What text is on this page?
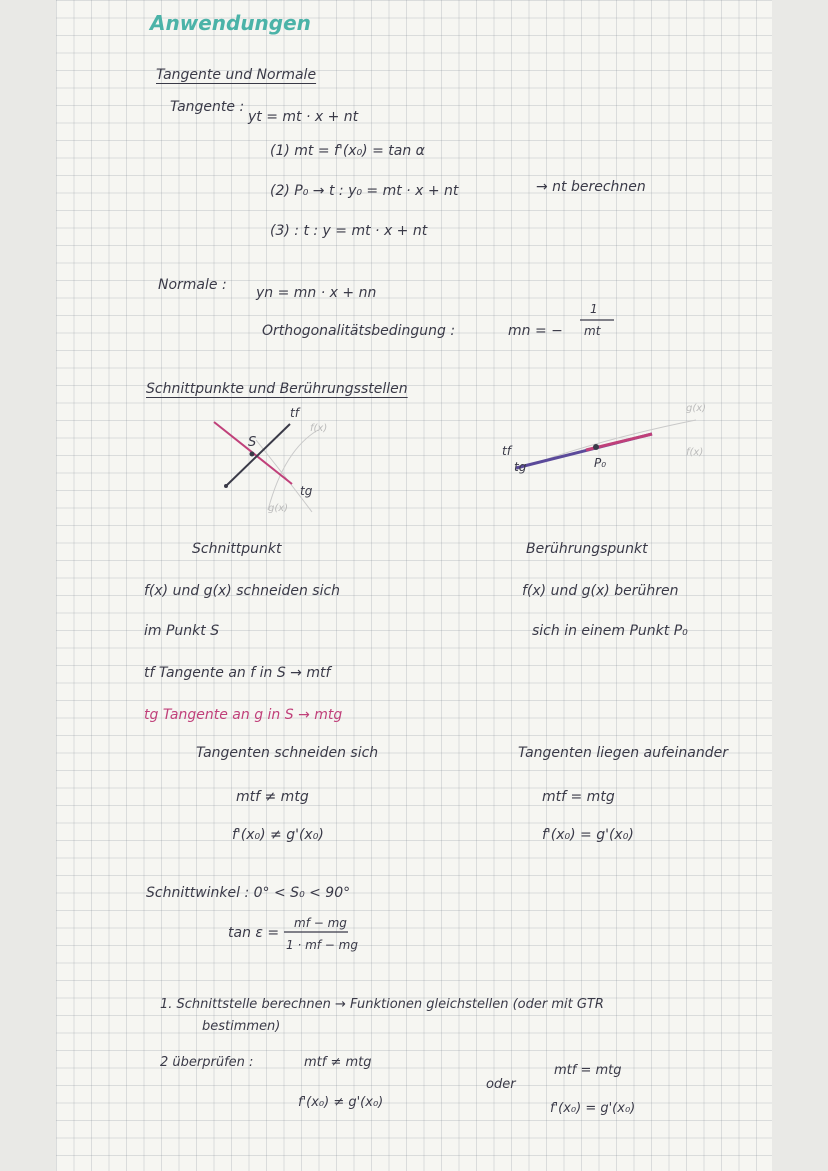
Anwendungen
Tangente und Normale
Tangente :
yt = mt · x + nt
(1) mt = f'(x₀) = tan α
(2) P₀ → t : y₀ = mt · x + nt	→ nt berechnen
(3) : t : y = mt · x + nt
Normale : yn = mn · x + nn
Orthogonalitätsbedingung :	mn = −
1
mt
Schnittpunkte und Berührungsstellen
tf
f(x)
S
tg
g(x)
g(x)
f(x)
tf
tg	P₀
Schnittpunkt
f(x) und g(x) schneiden sich
im Punkt S
tf Tangente an f in S → mtf
tg Tangente an g in S → mtg
Tangenten schneiden sich
mtf ≠ mtg
f'(x₀) ≠ g'(x₀)
Berührungspunkt
f(x) und g(x) berühren
sich in einem Punkt P₀
Tangenten liegen aufeinander
mtf = mtg
f'(x₀) = g'(x₀)
Schnittwinkel : 0° < S₀ < 90°
tan ε =
mf − mg
1 · mf − mg
1. Schnittstelle berechnen → Funktionen gleichstellen (oder mit GTR
bestimmen)
2 überprüfen :	mtf ≠ mtg
f'(x₀) ≠ g'(x₀)
oder
mtf = mtg
f'(x₀) = g'(x₀)
